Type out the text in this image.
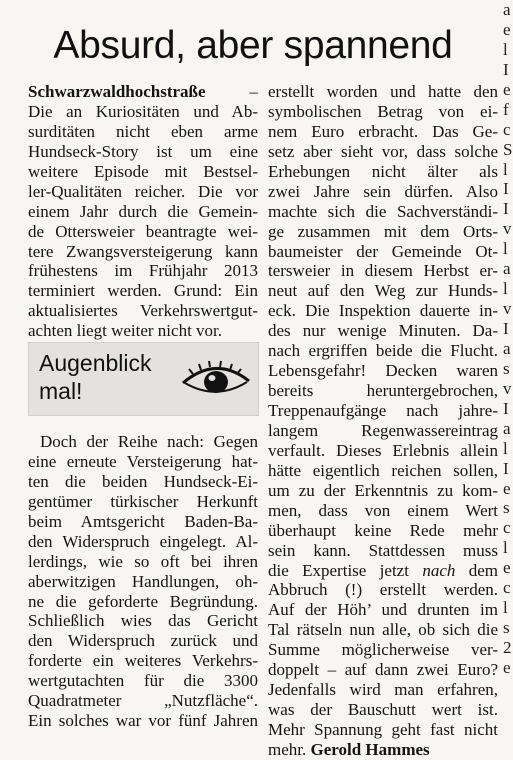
Absurd, aber spannend
Schwarzwaldhochstraße –
Die an Kuriositäten und Ab-
surditäten nicht eben arme
Hundseck-Story ist um eine
weitere Episode mit Bestsel-
ler-Qualitäten reicher. Die vor
einem Jahr durch die Gemein-
de Ottersweier beantragte wei-
tere Zwangsversteigerung kann
frühestens im Frühjahr 2013
terminiert werden. Grund: Ein
aktualisiertes Verkehrswertgut-
achten liegt weiter nicht vor.
Augenblick
mal!
Doch der Reihe nach: Gegen
eine erneute Versteigerung hat-
ten die beiden Hundseck-Ei-
gentümer türkischer Herkunft
beim Amtsgericht Baden-Ba-
den Widerspruch eingelegt. Al-
lerdings, wie so oft bei ihren
aberwitzigen Handlungen, oh-
ne die geforderte Begründung.
Schließlich wies das Gericht
den Widerspruch zurück und
forderte ein weiteres Verkehrs-
wertgutachten für die 3300
Quadratmeter „Nutzfläche“.
Ein solches war vor fünf Jahren
erstellt worden und hatte den
symbolischen Betrag von ei-
nem Euro erbracht. Das Ge-
setz aber sieht vor, dass solche
Erhebungen nicht älter als
zwei Jahre sein dürfen. Also
machte sich die Sachverständi-
ge zusammen mit dem Orts-
baumeister der Gemeinde Ot-
tersweier in diesem Herbst er-
neut auf den Weg zur Hunds-
eck. Die Inspektion dauerte in-
des nur wenige Minuten. Da-
nach ergriffen beide die Flucht.
Lebensgefahr! Decken waren
bereits heruntergebrochen,
Treppenaufgänge nach jahre-
langem Regenwassereintrag
verfault. Dieses Erlebnis allein
hätte eigentlich reichen sollen,
um zu der Erkenntnis zu kom-
men, dass von einem Wert
überhaupt keine Rede mehr
sein kann. Stattdessen muss
die Expertise jetzt nach dem
Abbruch (!) erstellt werden.
Auf der Höh’ und drunten im
Tal rätseln nun alle, ob sich die
Summe möglicherweise ver-
doppelt – auf dann zwei Euro?
Jedenfalls wird man erfahren,
was der Bauschutt wert ist.
Mehr Spannung geht fast nicht
mehr. Gerold Hammes
a
e
l
I
e
f
c
S
l
I
I
v
l
a
l
v
I
a
s
v
I
a
l
I
e
s
c
l
e
c
l
s
2
e
